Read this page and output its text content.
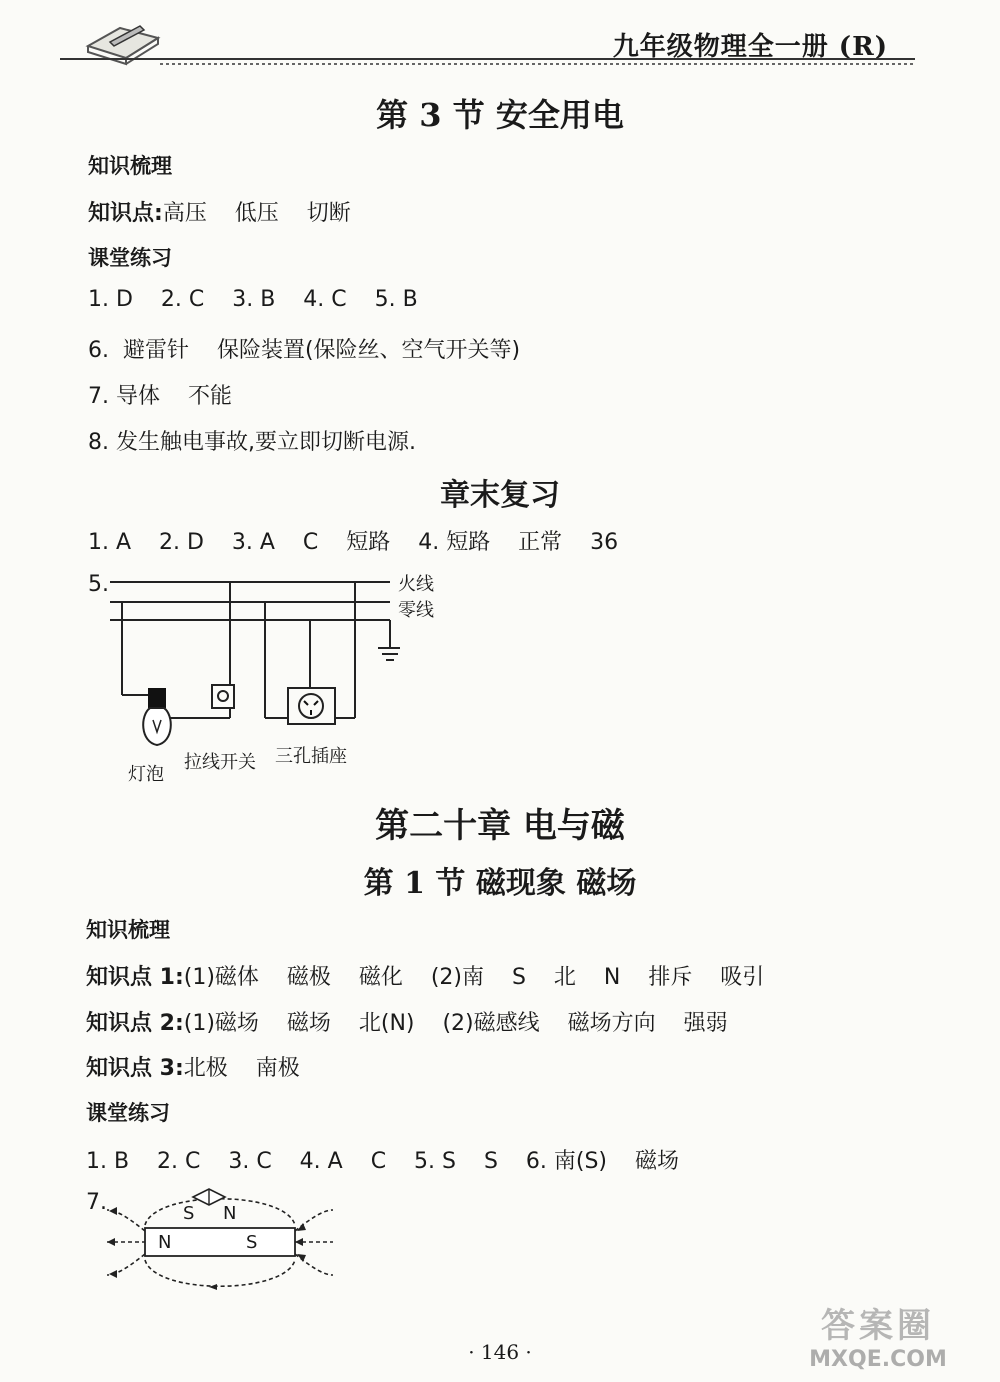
九年级物理全一册 (R)
第 3 节 安全用电
知识梳理
知识点:高压    低压    切断
课堂练习
1. D    2. C    3. B    4. C    5. B
6.  避雷针    保险装置(保险丝、空气开关等)
7. 导体    不能
8. 发生触电事故,要立即切断电源.
章末复习
1. A    2. D    3. A    C    短路    4. 短路    正常    36
5.	火线
零线
灯泡
拉线开关 三孔插座
第二十章 电与磁
第 1 节 磁现象 磁场
知识梳理
知识点 1:(1)磁体    磁极    磁化    (2)南    S    北    N    排斥    吸引
知识点 2:(1)磁场    磁场    北(N)    (2)磁感线    磁场方向    强弱
知识点 3:北极    南极
课堂练习
1. B    2. C    3. C    4. A    C    5. S    S    6. 南(S)    磁场
7.	S N
N	S
· 146 ·
答案圈
MXQE.COM
